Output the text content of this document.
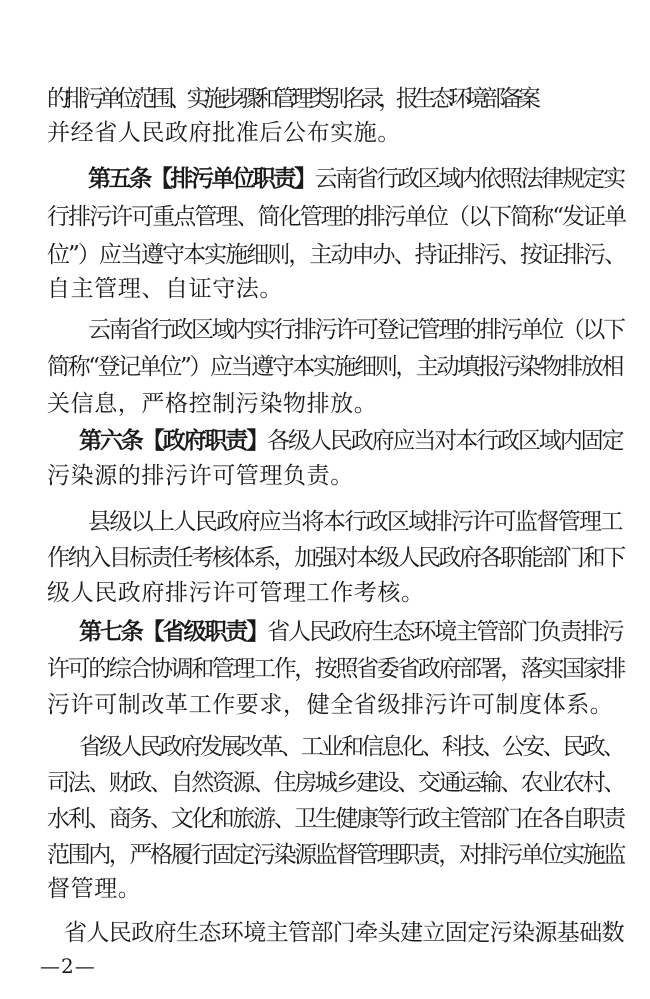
的排污单位范围、实施步骤和管理类别名录，报生态环境部备案
并经省人民政府批准后公布实施。
第五条【排污单位职责】云南省行政区域内依照法律规定实
行排污许可重点管理、简化管理的排污单位（以下简称“发证单
位”）应当遵守本实施细则，主动申办、持证排污、按证排污、
自主管理、自证守法。
云南省行政区域内实行排污许可登记管理的排污单位（以下
简称“登记单位”）应当遵守本实施细则，主动填报污染物排放相
关信息，严格控制污染物排放。
第六条【政府职责】各级人民政府应当对本行政区域内固定
污染源的排污许可管理负责。
县级以上人民政府应当将本行政区域排污许可监督管理工
作纳入目标责任考核体系，加强对本级人民政府各职能部门和下
级人民政府排污许可管理工作考核。
第七条【省级职责】省人民政府生态环境主管部门负责排污
许可的综合协调和管理工作，按照省委省政府部署，落实国家排
污许可制改革工作要求，健全省级排污许可制度体系。
省级人民政府发展改革、工业和信息化、科技、公安、民政、
司法、财政、自然资源、住房城乡建设、交通运输、农业农村、
水利、商务、文化和旅游、卫生健康等行政主管部门在各自职责
范围内，严格履行固定污染源监督管理职责，对排污单位实施监
督管理。
省人民政府生态环境主管部门牵头建立固定污染源基础数
—2—
